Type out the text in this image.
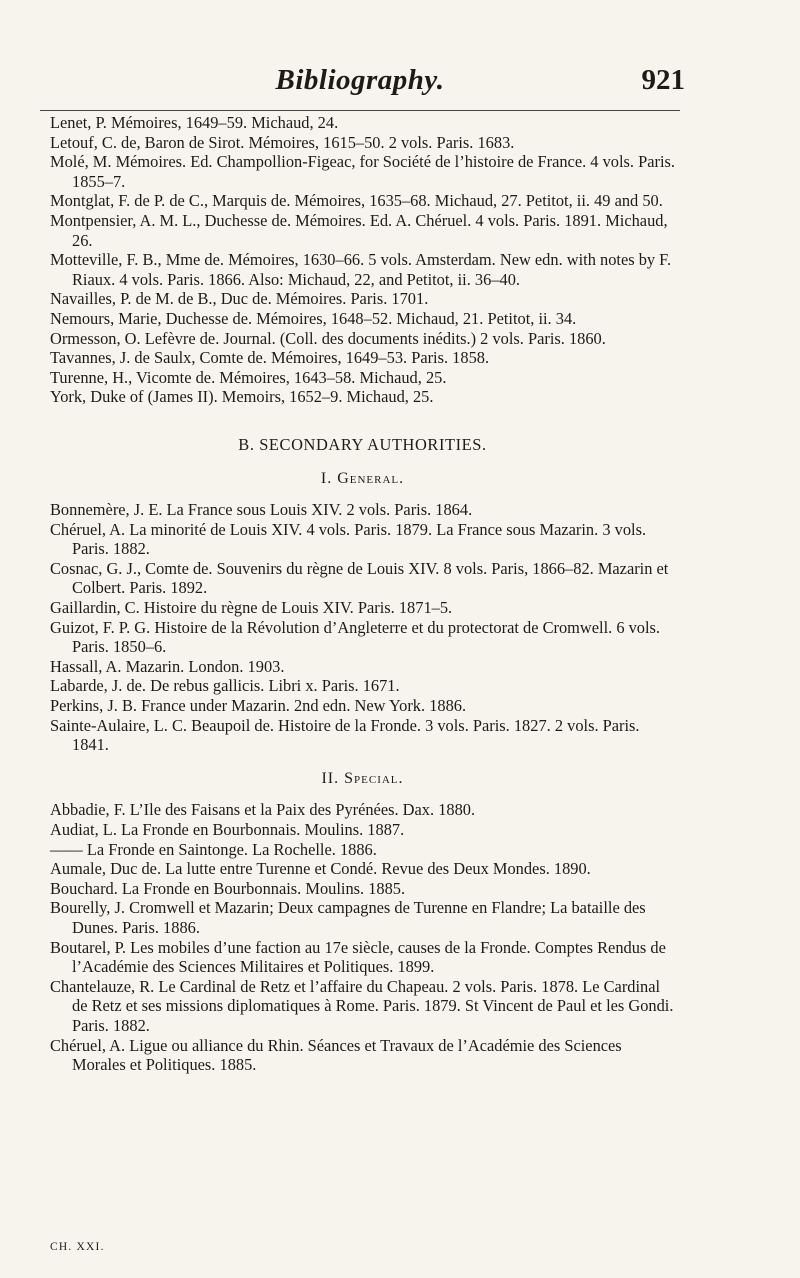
Bibliography.	921

Lenet, P. Mémoires, 1649–59. Michaud, 24.

Letouf, C. de, Baron de Sirot. Mémoires, 1615–50. 2 vols. Paris. 1683.

Molé, M. Mémoires. Ed. Champollion-Figeac, for Société de l’histoire de France. 4 vols. Paris. 1855–7.

Montglat, F. de P. de C., Marquis de. Mémoires, 1635–68. Michaud, 27. Petitot, ii. 49 and 50.

Montpensier, A. M. L., Duchesse de. Mémoires. Ed. A. Chéruel. 4 vols. Paris. 1891. Michaud, 26.

Motteville, F. B., Mme de. Mémoires, 1630–66. 5 vols. Amsterdam. New edn. with notes by F. Riaux. 4 vols. Paris. 1866. Also: Michaud, 22, and Petitot, ii. 36–40.

Navailles, P. de M. de B., Duc de. Mémoires. Paris. 1701.

Nemours, Marie, Duchesse de. Mémoires, 1648–52. Michaud, 21. Petitot, ii. 34.

Ormesson, O. Lefèvre de. Journal. (Coll. des documents inédits.) 2 vols. Paris. 1860.

Tavannes, J. de Saulx, Comte de. Mémoires, 1649–53. Paris. 1858.

Turenne, H., Vicomte de. Mémoires, 1643–58. Michaud, 25.

York, Duke of (James II). Memoirs, 1652–9. Michaud, 25.

B. SECONDARY AUTHORITIES.
I. General.

Bonnemère, J. E. La France sous Louis XIV. 2 vols. Paris. 1864.

Chéruel, A. La minorité de Louis XIV. 4 vols. Paris. 1879. La France sous Mazarin. 3 vols. Paris. 1882.

Cosnac, G. J., Comte de. Souvenirs du règne de Louis XIV. 8 vols. Paris, 1866–82. Mazarin et Colbert. Paris. 1892.

Gaillardin, C. Histoire du règne de Louis XIV. Paris. 1871–5.

Guizot, F. P. G. Histoire de la Révolution d’Angleterre et du protectorat de Cromwell. 6 vols. Paris. 1850–6.

Hassall, A. Mazarin. London. 1903.

Labarde, J. de. De rebus gallicis. Libri x. Paris. 1671.

Perkins, J. B. France under Mazarin. 2nd edn. New York. 1886.

Sainte-Aulaire, L. C. Beaupoil de. Histoire de la Fronde. 3 vols. Paris. 1827. 2 vols. Paris. 1841.

II. Special.

Abbadie, F. L’Ile des Faisans et la Paix des Pyrénées. Dax. 1880.

Audiat, L. La Fronde en Bourbonnais. Moulins. 1887.

—— La Fronde en Saintonge. La Rochelle. 1886.

Aumale, Duc de. La lutte entre Turenne et Condé. Revue des Deux Mondes. 1890.

Bouchard. La Fronde en Bourbonnais. Moulins. 1885.

Bourelly, J. Cromwell et Mazarin; Deux campagnes de Turenne en Flandre; La bataille des Dunes. Paris. 1886.

Boutarel, P. Les mobiles d’une faction au 17e siècle, causes de la Fronde. Comptes Rendus de l’Académie des Sciences Militaires et Politiques. 1899.

Chantelauze, R. Le Cardinal de Retz et l’affaire du Chapeau. 2 vols. Paris. 1878. Le Cardinal de Retz et ses missions diplomatiques à Rome. Paris. 1879. St Vincent de Paul et les Gondi. Paris. 1882.

Chéruel, A. Ligue ou alliance du Rhin. Séances et Travaux de l’Académie des Sciences Morales et Politiques. 1885.

CH. XXI.
